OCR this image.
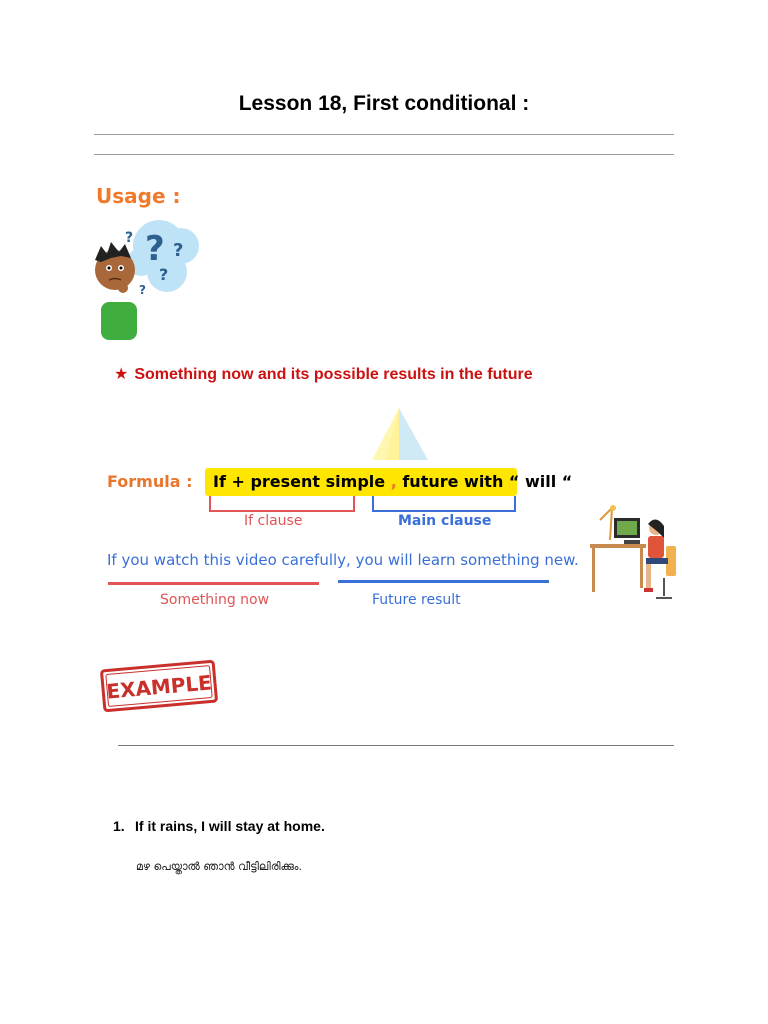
Lesson 18, First conditional :
Usage :
? ?
?
?
?
★ Something now and its possible results in the future
Formula : If + present simple , future with “ will “
If clause	Main clause
If you watch this video carefully, you will learn something new.
Something now	Future result
EXAMPLE
1. If it rains, I will stay at home.
മഴ പെയ്താൽ ഞാൻ വീട്ടിലിരിക്കും.
